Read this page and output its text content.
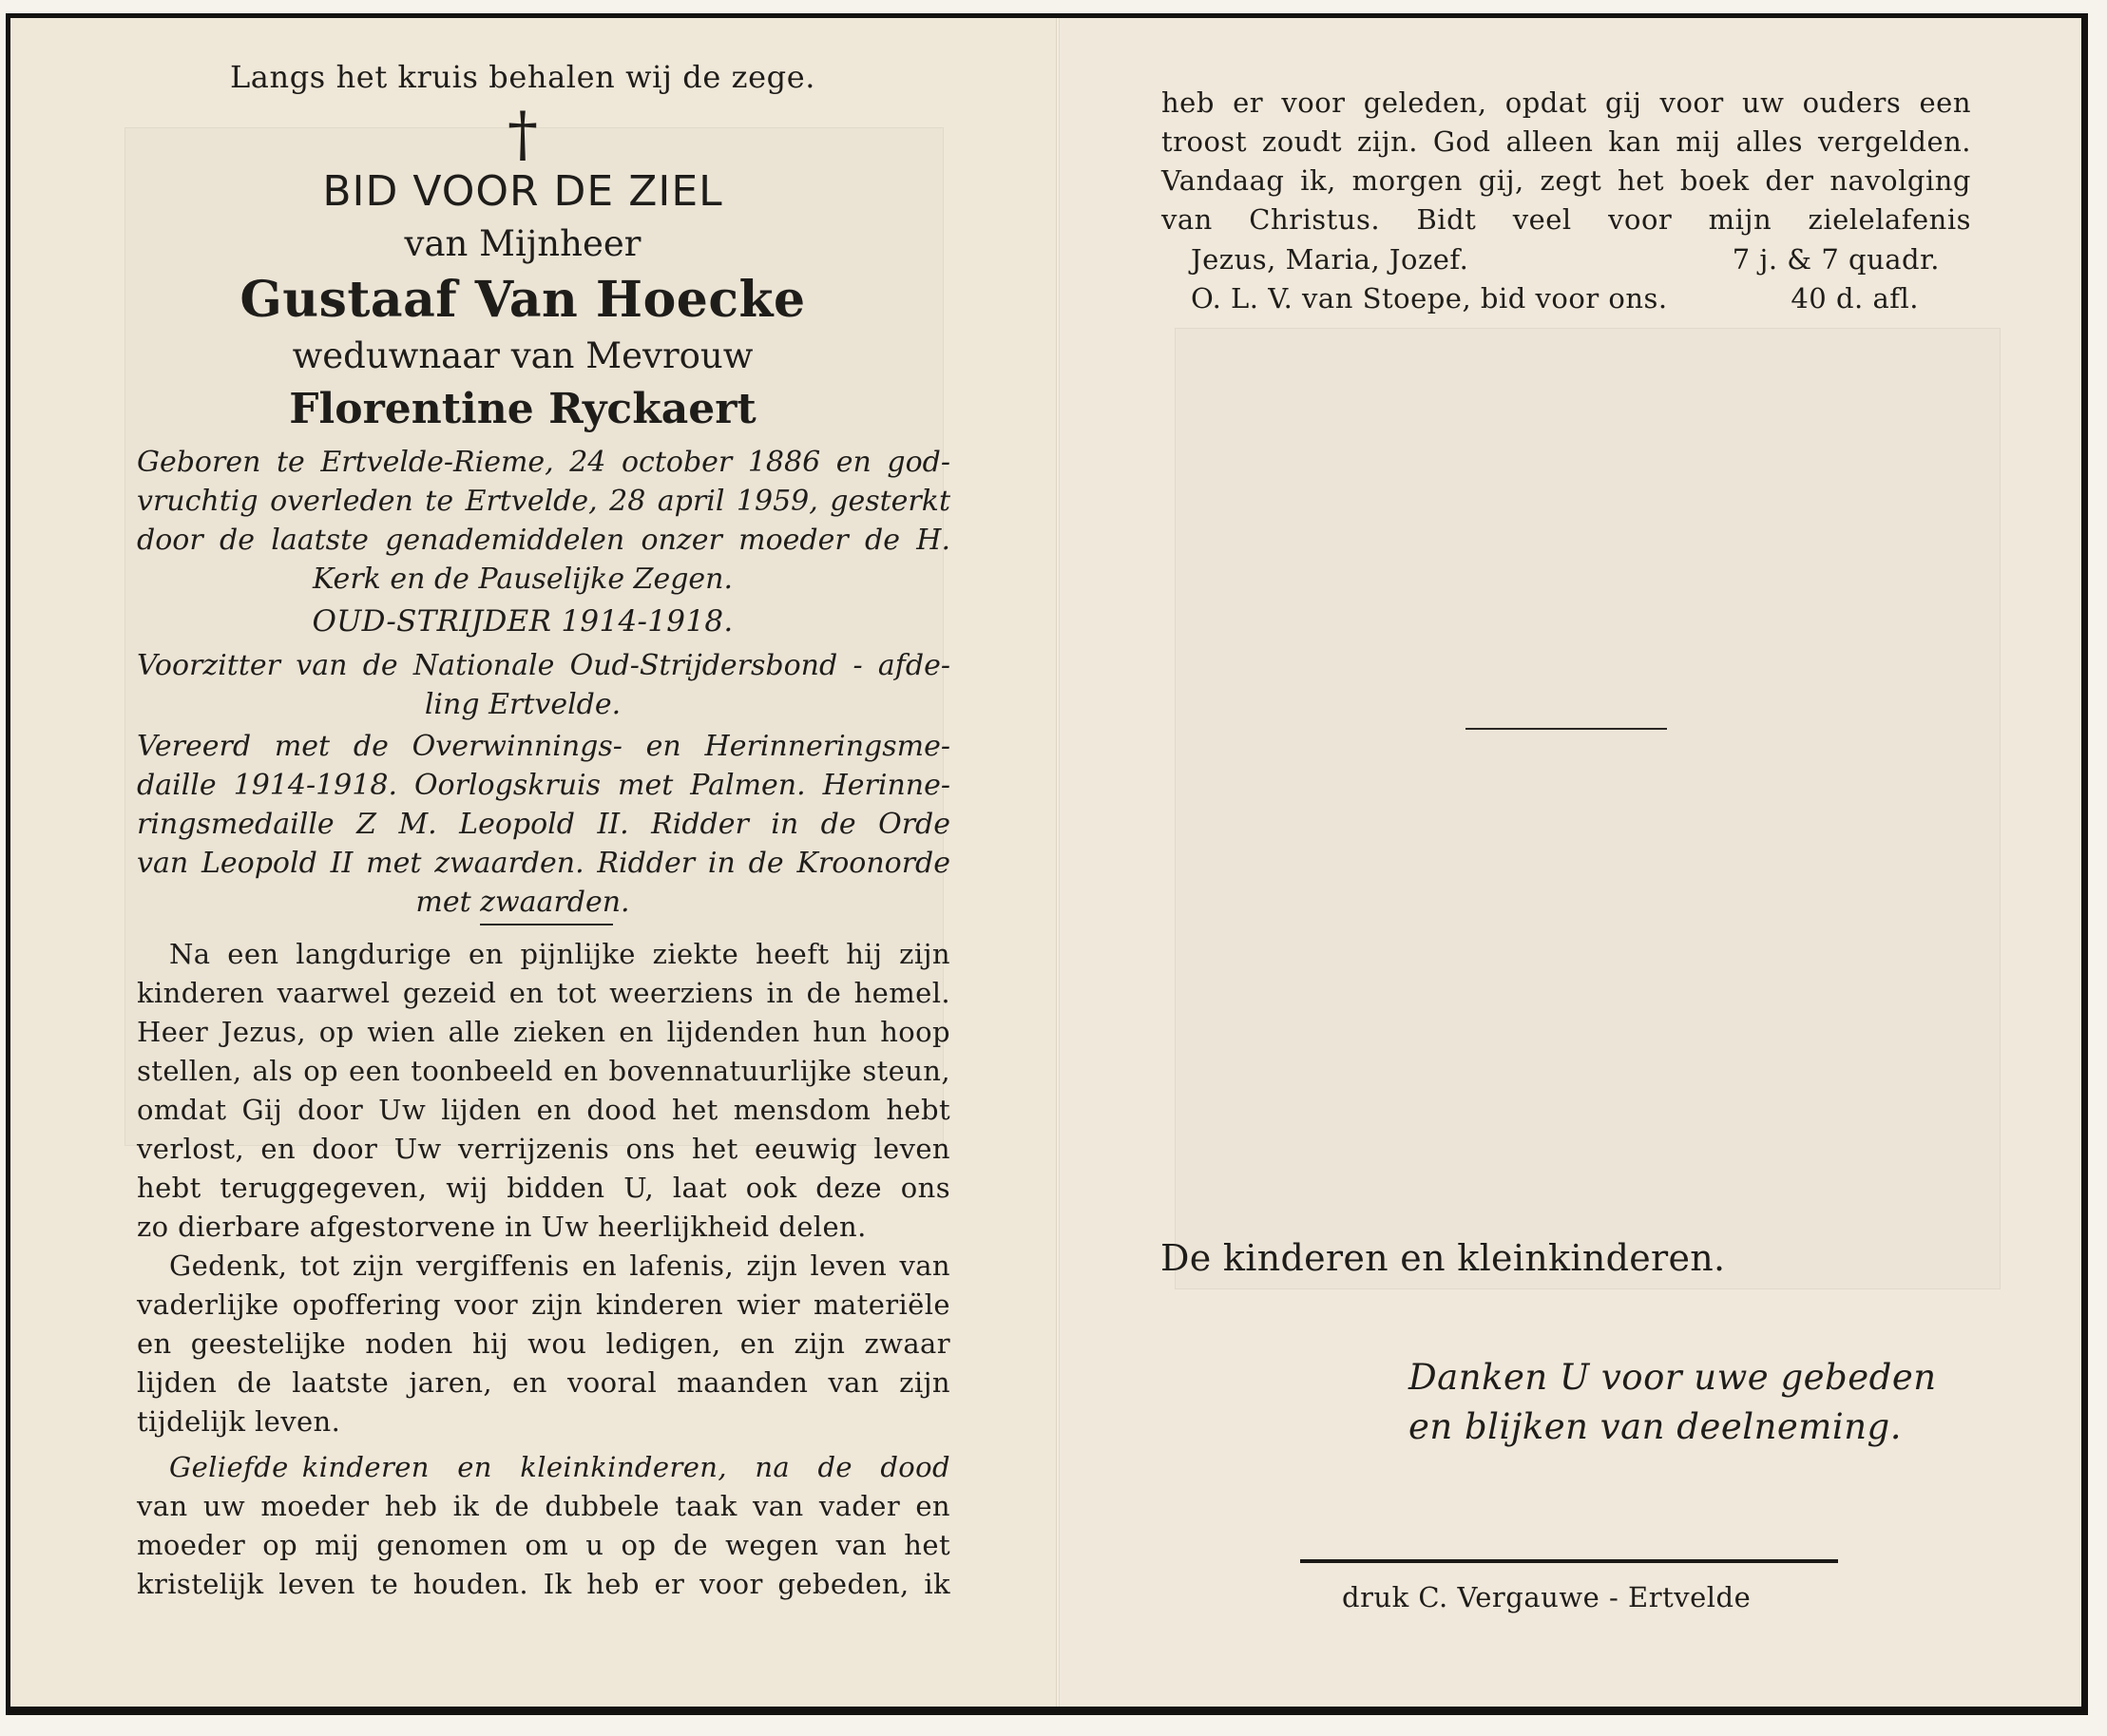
Langs het kruis behalen wij de zege.
†
BID VOOR DE ZIEL
van Mijnheer
Gustaaf Van Hoecke
weduwnaar van Mevrouw
Florentine Ryckaert
Geboren te Ertvelde-Rieme, 24 october 1886 en god-
vruchtig overleden te Ertvelde, 28 april 1959, gesterkt
door de laatste genademiddelen onzer moeder de H.
Kerk en de Pauselijke Zegen.
OUD-STRIJDER 1914-1918.
Voorzitter van de Nationale Oud-Strijdersbond - afde-
ling Ertvelde.
Vereerd met de Overwinnings- en Herinneringsme-
daille 1914-1918. Oorlogskruis met Palmen. Herinne-
ringsmedaille Z M. Leopold II. Ridder in de Orde
van Leopold II met zwaarden. Ridder in de Kroonorde
met zwaarden.
Na een langdurige en pijnlijke ziekte heeft hij zijn
kinderen vaarwel gezeid en tot weerziens in de hemel.
Heer Jezus, op wien alle zieken en lijdenden hun hoop
stellen, als op een toonbeeld en bovennatuurlijke steun,
omdat Gij door Uw lijden en dood het mensdom hebt
verlost, en door Uw verrijzenis ons het eeuwig leven
hebt teruggegeven, wij bidden U, laat ook deze ons
zo dierbare afgestorvene in Uw heerlijkheid delen.
Gedenk, tot zijn vergiffenis en lafenis, zijn leven van
vaderlijke opoffering voor zijn kinderen wier materiële
en geestelijke noden hij wou ledigen, en zijn zwaar
lijden de laatste jaren, en vooral maanden van zijn
tijdelijk leven.
Geliefde kinderen en kleinkinderen, na de dood
van uw moeder heb ik de dubbele taak van vader en
moeder op mij genomen om u op de wegen van het
kristelijk leven te houden. Ik heb er voor gebeden, ik
heb er voor geleden, opdat gij voor uw ouders een
troost zoudt zijn. God alleen kan mij alles vergelden.
Vandaag ik, morgen gij, zegt het boek der navolging
van Christus. Bidt veel voor mijn zielelafenis
Jezus, Maria, Jozef.	7 j. & 7 quadr.
O. L. V. van Stoepe, bid voor ons.	40 d. afl.
De kinderen en kleinkinderen.
Danken U voor uwe gebeden
en blijken van deelneming.
druk C. Vergauwe - Ertvelde
